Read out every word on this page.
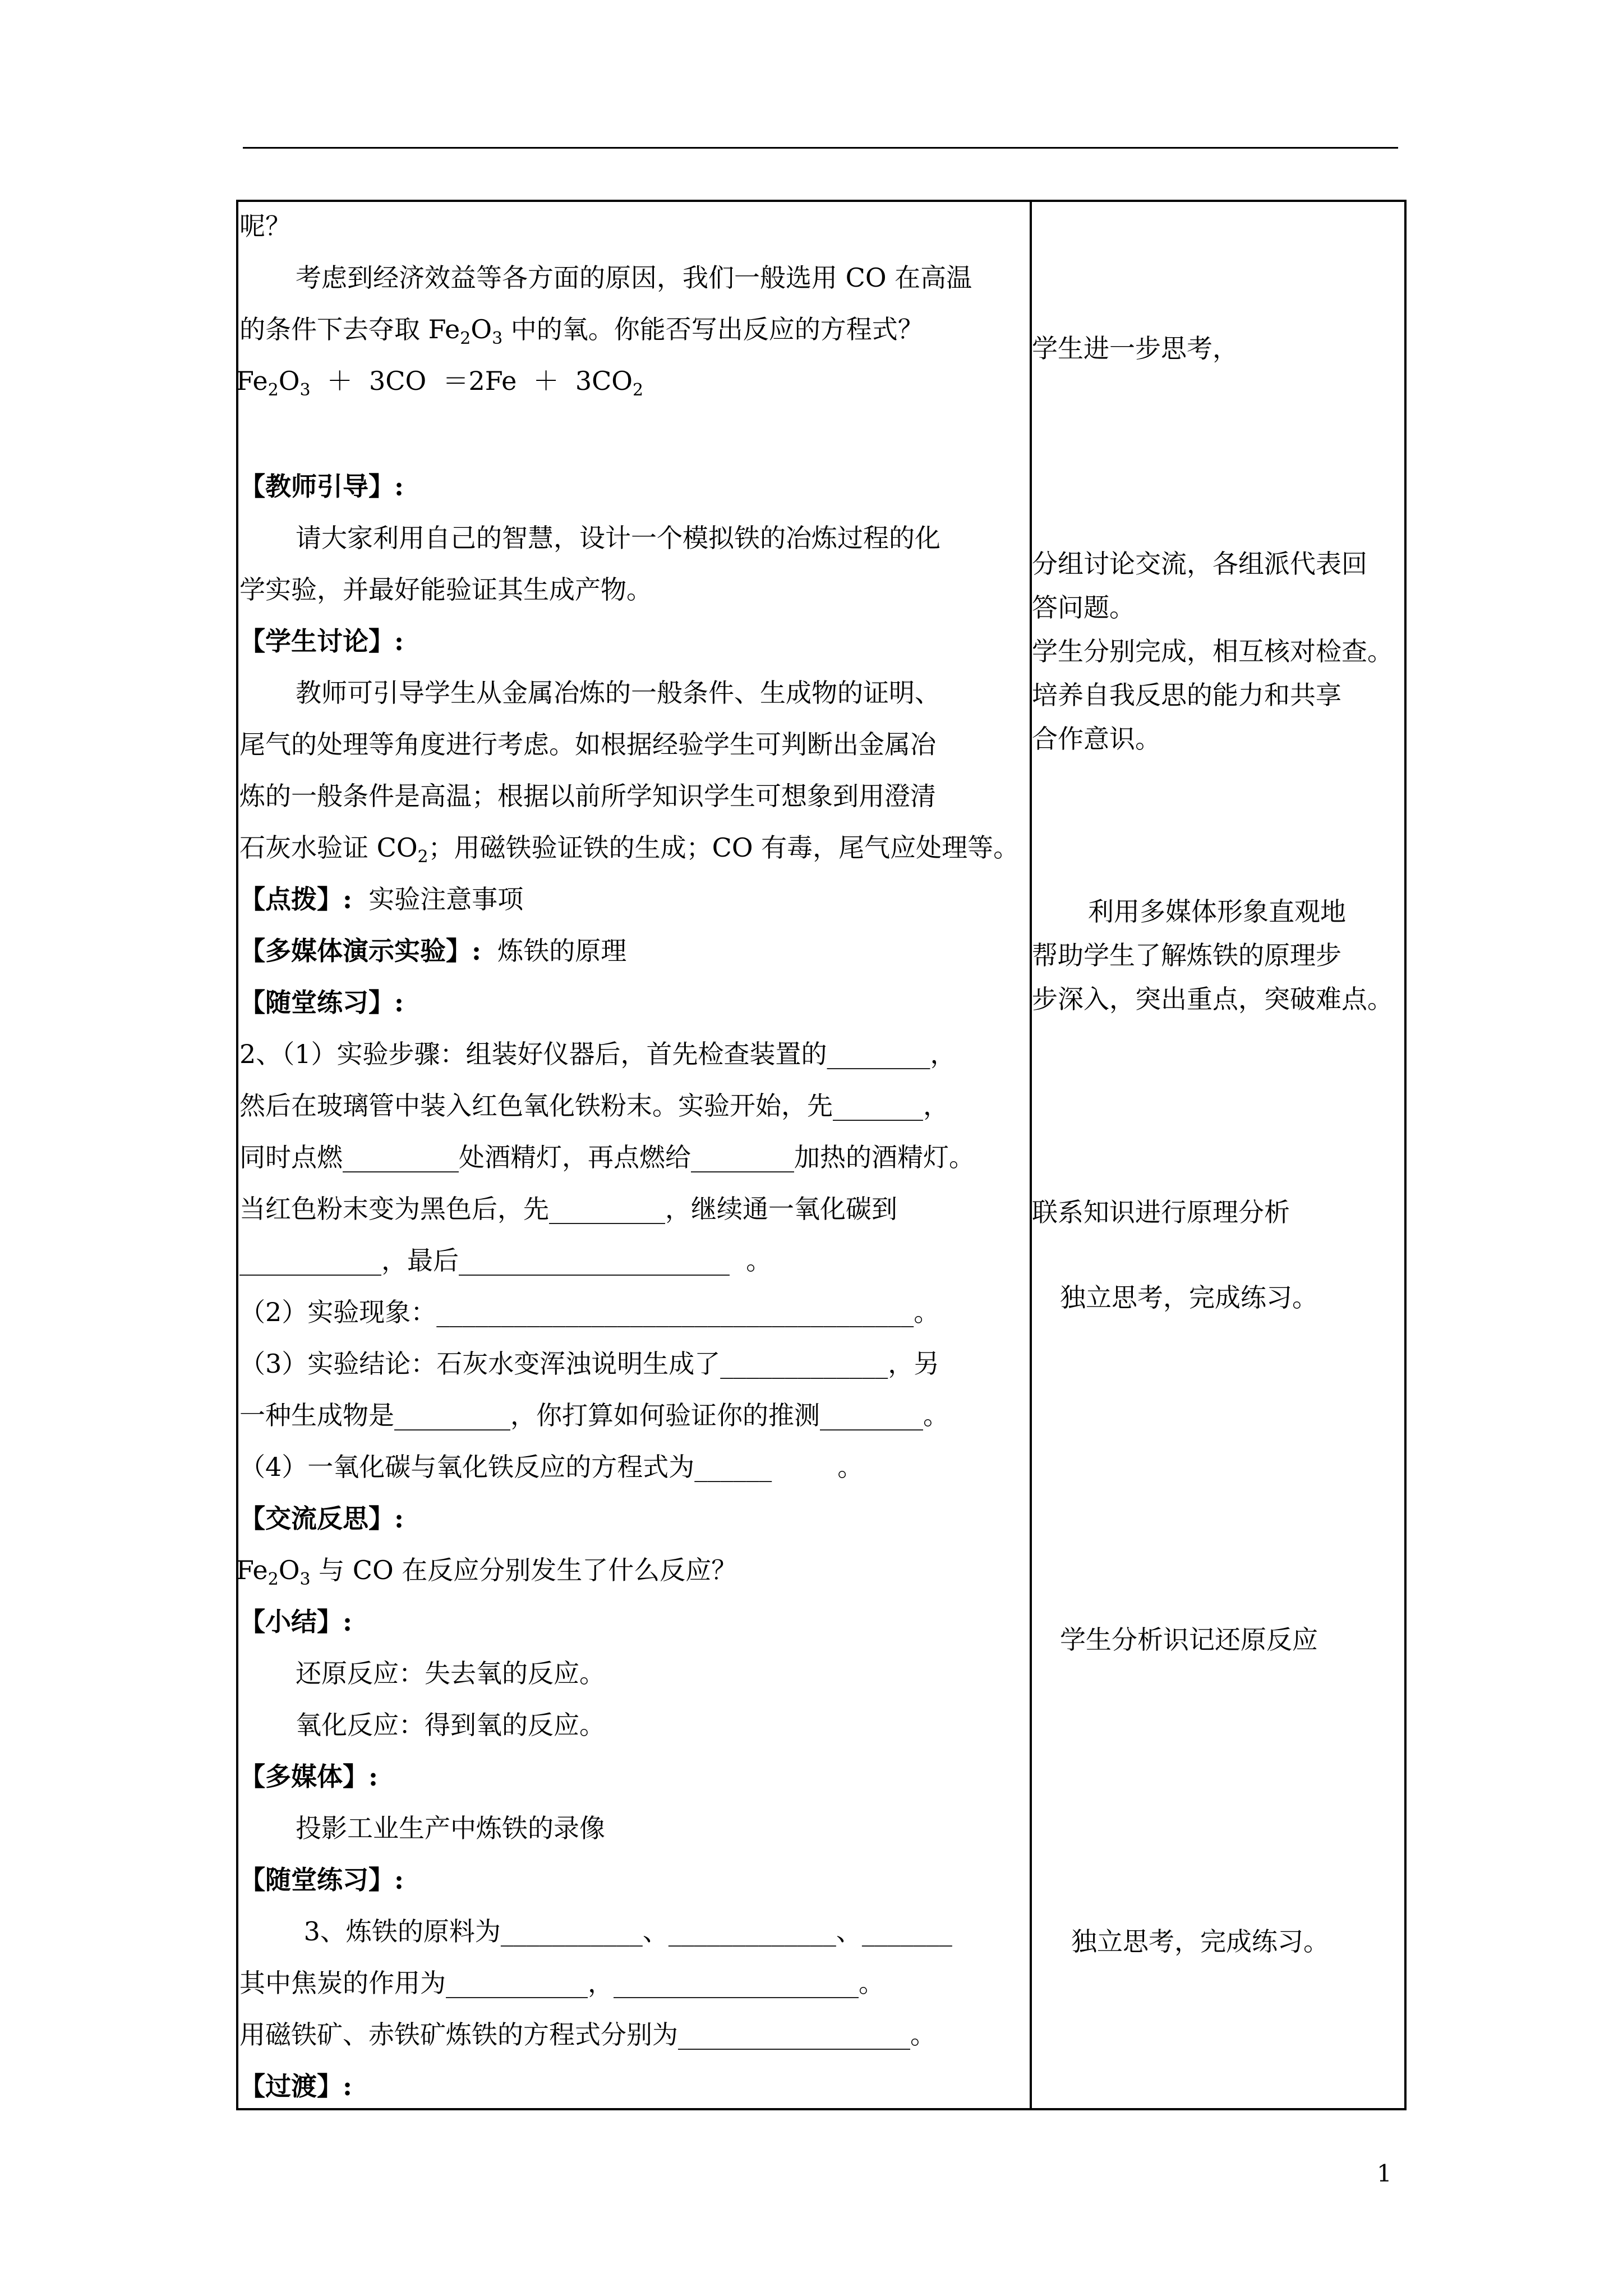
呢？
考虑到经济效益等各方面的原因，我们一般选用 CO 在高温
的条件下去夺取 $Fe_2O_3$ 中的氧。你能否写出反应的方程式？
$Fe_2O_3 + 3CO =2Fe + 3CO_2$
【教师引导】:
请大家利用自己的智慧，设计一个模拟铁的冶炼过程的化
学实验，并最好能验证其生成产物。
【学生讨论】:
教师可引导学生从金属冶炼的一般条件、生成物的证明、
尾气的处理等角度进行考虑。如根据经验学生可判断出金属冶
炼的一般条件是高温；根据以前所学知识学生可想象到用澄清
石灰水验证 $CO_2$；用磁铁验证铁的生成；CO 有毒，尾气应处理等。
【点拨】:  实验注意事项
【多媒体演示实验】:  炼铁的原理
【随堂练习】:
2、（1）实验步骤：组装好仪器后，首先检查装置的________，
然后在玻璃管中装入红色氧化铁粉末。实验开始，先_______，
同时点燃_________处酒精灯，再点燃给________加热的酒精灯。
当红色粉末变为黑色后，先_________，继续通一氧化碳到
___________，最后_____________________  。
（2）实验现象：_____________________________________。
（3）实验结论：石灰水变浑浊说明生成了_____________，另
一种生成物是_________，你打算如何验证你的推测________。
（4）一氧化碳与氧化铁反应的方程式为______        。
【交流反思】:
$Fe_2O_3$ 与 CO 在反应分别发生了什么反应？
【小结】:
还原反应：失去氧的反应。
氧化反应：得到氧的反应。
【多媒体】:
投影工业生产中炼铁的录像
【随堂练习】:
3、炼铁的原料为___________、_____________、_______
其中焦炭的作用为___________，___________________。
用磁铁矿、赤铁矿炼铁的方程式分别为__________________。
【过渡】:
学生进一步思考，
分组讨论交流，各组派代表回
答问题。
学生分别完成，相互核对检查。
培养自我反思的能力和共享
合作意识。
利用多媒体形象直观地
帮助学生了解炼铁的原理步
步深入，突出重点，突破难点。
联系知识进行原理分析
独立思考，完成练习。
学生分析识记还原反应
独立思考，完成练习。
1
